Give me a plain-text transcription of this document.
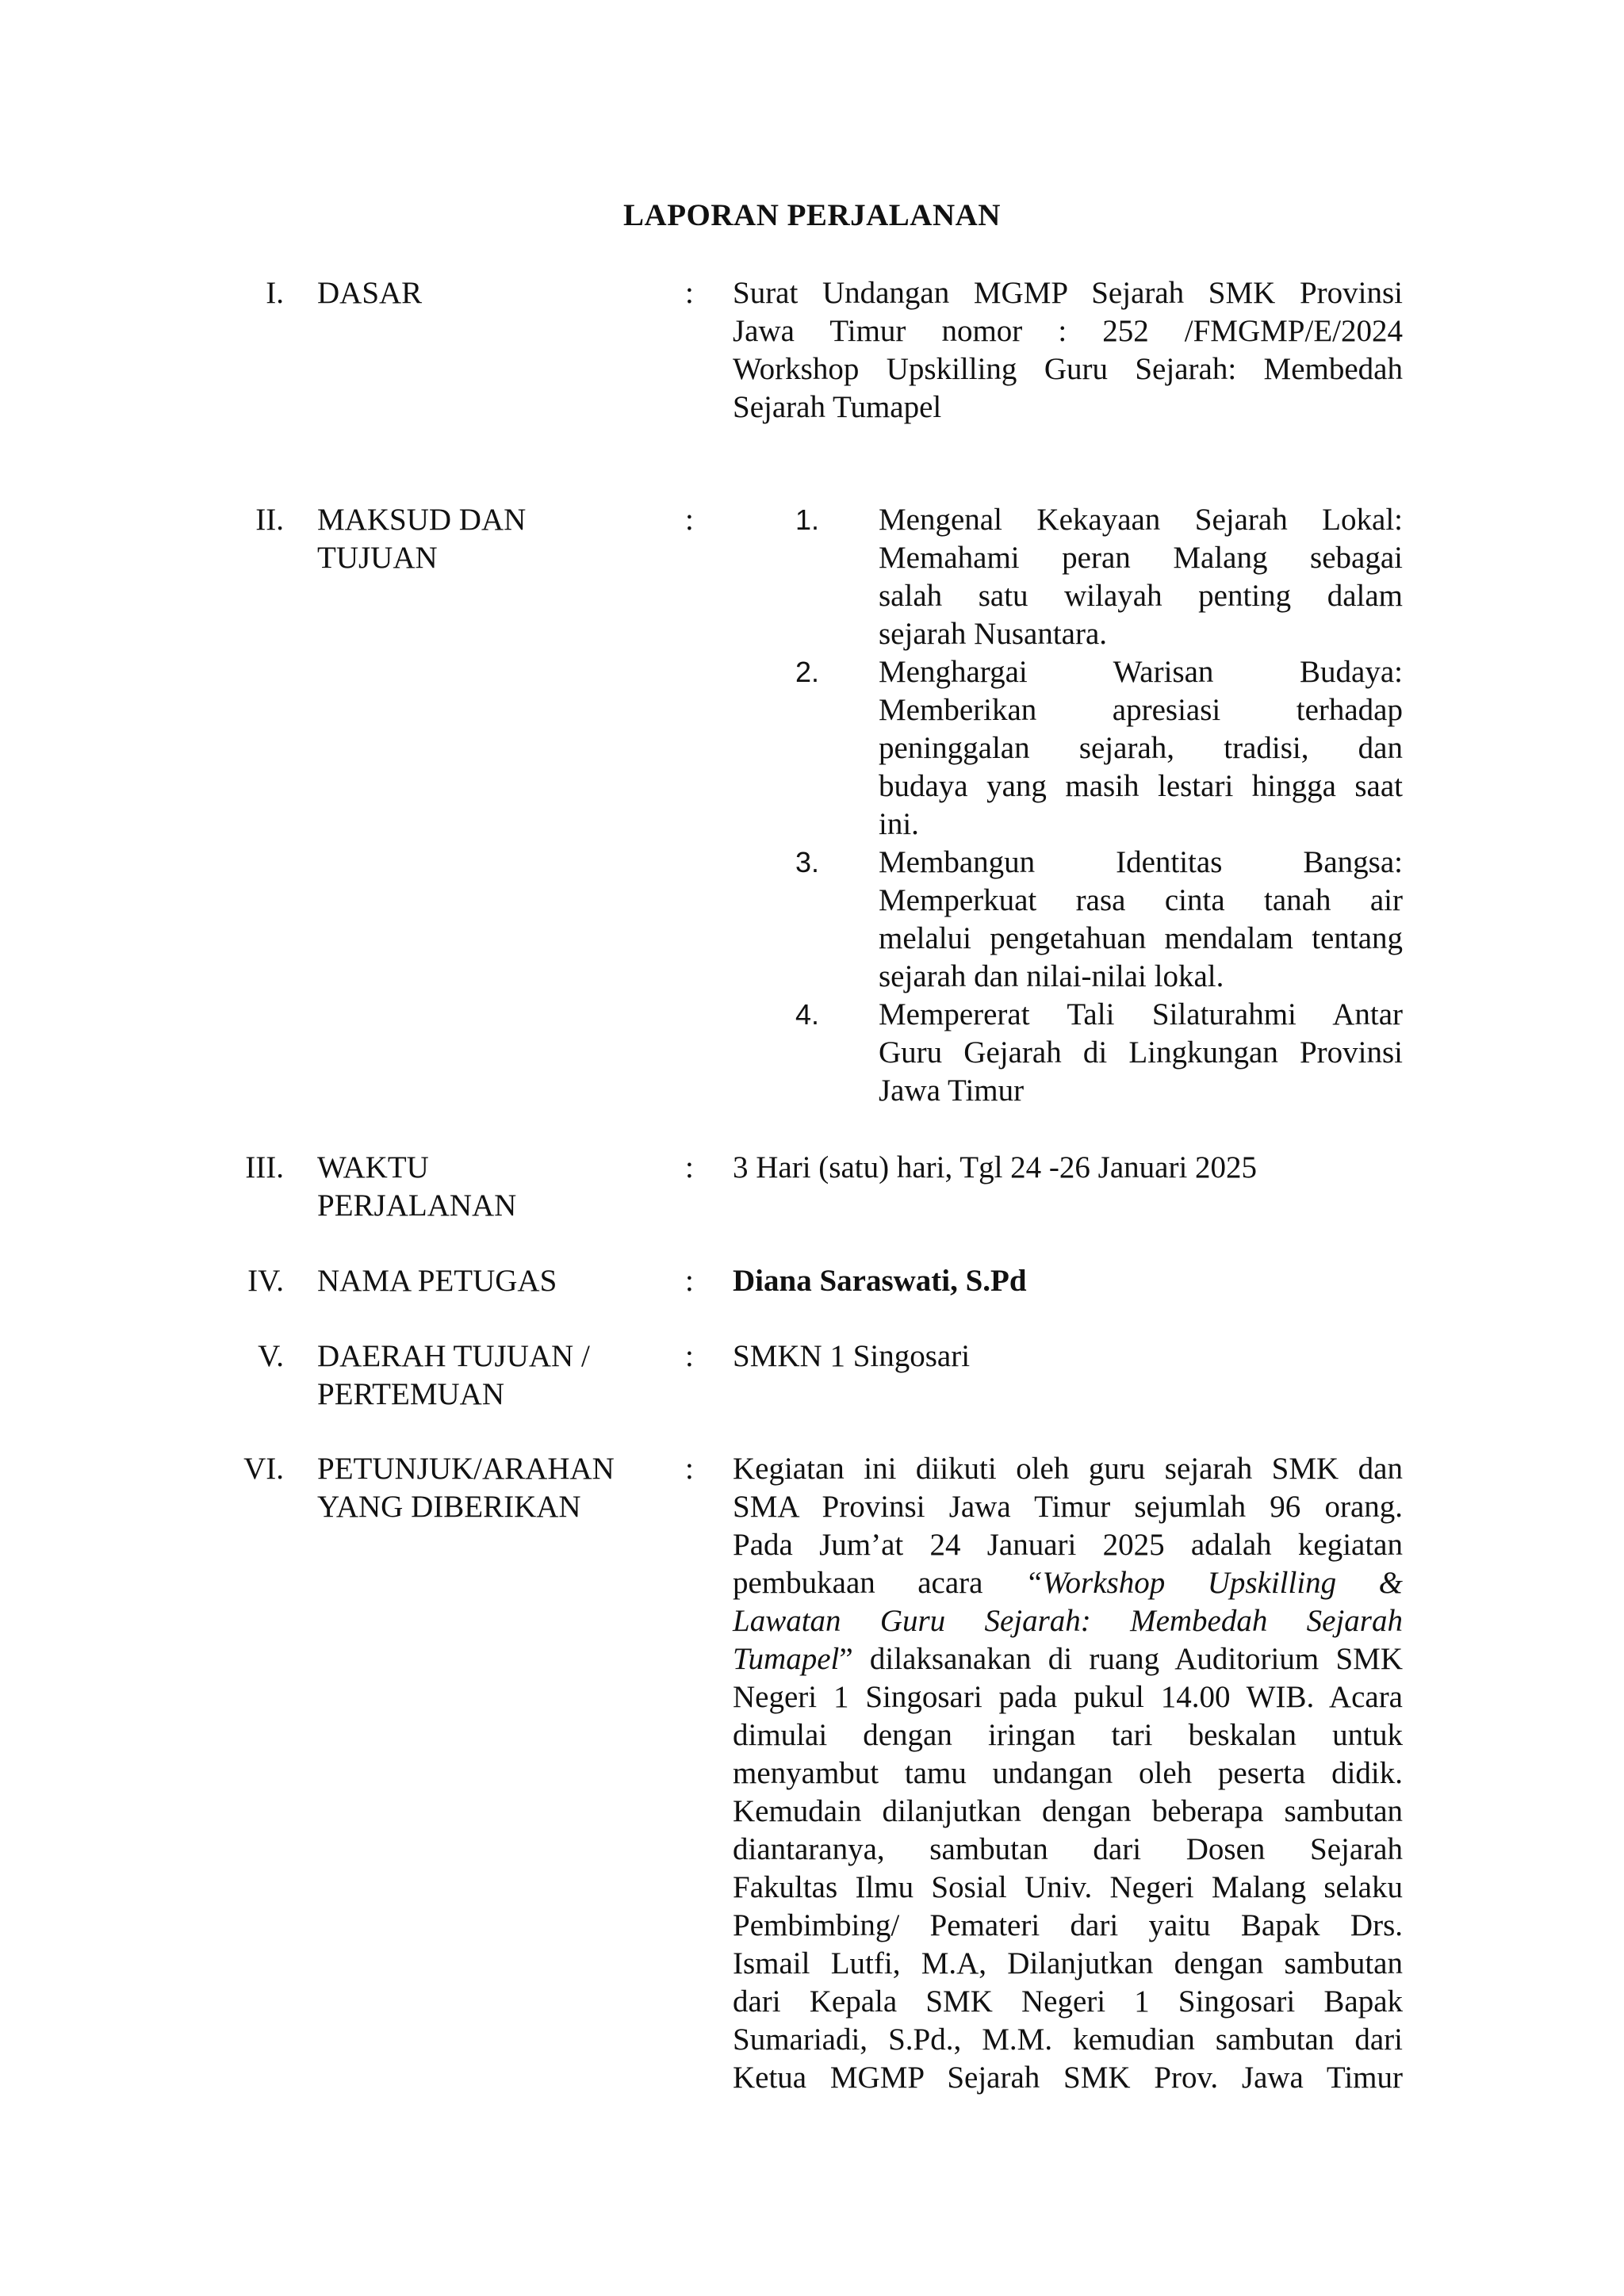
LAPORAN PERJALANAN
I. DASAR	: Surat Undangan MGMP Sejarah SMK Provinsi
Jawa Timur nomor : 252 /FMGMP/E/2024
Workshop Upskilling Guru Sejarah: Membedah
Sejarah Tumapel
II. MAKSUD DAN
TUJUAN
:	1. Mengenal Kekayaan Sejarah Lokal:
Memahami peran Malang sebagai
salah satu wilayah penting dalam
sejarah Nusantara.
2. Menghargai Warisan Budaya:
Memberikan apresiasi terhadap
peninggalan sejarah, tradisi, dan
budaya yang masih lestari hingga saat
ini.
3. Membangun Identitas Bangsa:
Memperkuat rasa cinta tanah air
melalui pengetahuan mendalam tentang
sejarah dan nilai-nilai lokal.
4. Mempererat Tali Silaturahmi Antar
Guru Gejarah di Lingkungan Provinsi
Jawa Timur
III. WAKTU
PERJALANAN
: 3 Hari (satu) hari, Tgl 24 -26 Januari 2025
IV. NAMA PETUGAS	: Diana Saraswati, S.Pd
V. DAERAH TUJUAN /
PERTEMUAN
: SMKN 1 Singosari
VI. PETUNJUK/ARAHAN
YANG DIBERIKAN
: Kegiatan ini diikuti oleh guru sejarah SMK dan
SMA Provinsi Jawa Timur sejumlah 96 orang.
Pada Jum’at 24 Januari 2025 adalah kegiatan
pembukaan acara “Workshop Upskilling &
Lawatan Guru Sejarah: Membedah Sejarah
Tumapel” dilaksanakan di ruang Auditorium SMK
Negeri 1 Singosari pada pukul 14.00 WIB. Acara
dimulai dengan iringan tari beskalan untuk
menyambut tamu undangan oleh peserta didik.
Kemudain dilanjutkan dengan beberapa sambutan
diantaranya, sambutan dari Dosen Sejarah
Fakultas Ilmu Sosial Univ. Negeri Malang selaku
Pembimbing/ Pemateri dari yaitu Bapak Drs.
Ismail Lutfi, M.A, Dilanjutkan dengan sambutan
dari Kepala SMK Negeri 1 Singosari Bapak
Sumariadi, S.Pd., M.M. kemudian sambutan dari
Ketua MGMP Sejarah SMK Prov. Jawa Timur
